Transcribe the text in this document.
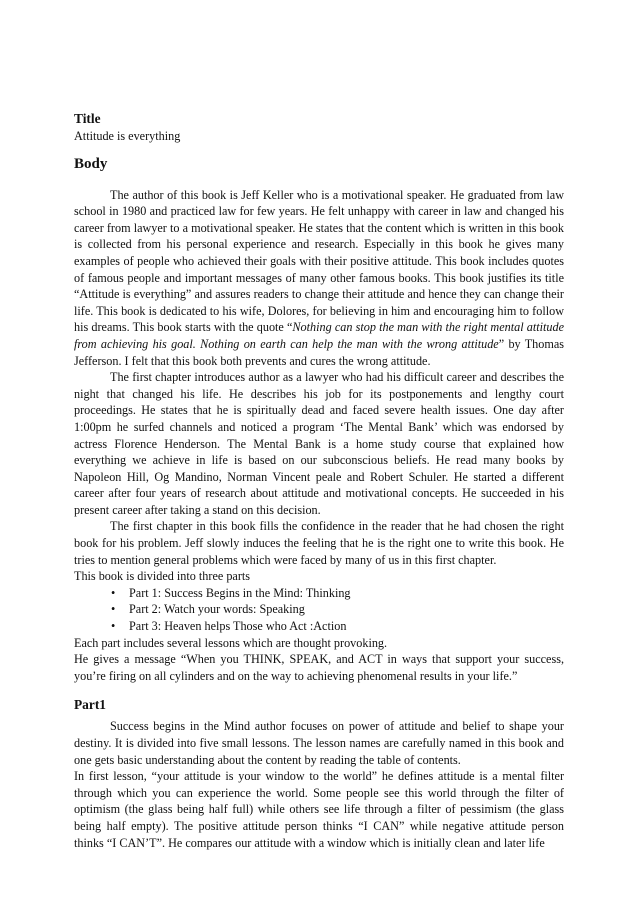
Title

Attitude is everything

Body

The author of this book is Jeff Keller who is a motivational speaker. He graduated from law school in 1980 and practiced law for few years. He felt unhappy with career in law and changed his career from lawyer to a motivational speaker. He states that the content which is written in this book is collected from his personal experience and research. Especially in this book he gives many examples of people who achieved their goals with their positive attitude. This book includes quotes of famous people and important messages of many other famous books. This book justifies its title “Attitude is everything” and assures readers to change their attitude and hence they can change their life. This book is dedicated to his wife, Dolores, for believing in him and encouraging him to follow his dreams. This book starts with the quote “Nothing can stop the man with the right mental attitude from achieving his goal. Nothing on earth can help the man with the wrong attitude” by Thomas Jefferson. I felt that this book both prevents and cures the wrong attitude.

The first chapter introduces author as a lawyer who had his difficult career and describes the night that changed his life. He describes his job for its postponements and lengthy court proceedings. He states that he is spiritually dead and faced severe health issues. One day after 1:00pm he surfed channels and noticed a program ‘The Mental Bank’ which was endorsed by actress Florence Henderson. The Mental Bank is a home study course that explained how everything we achieve in life is based on our subconscious beliefs. He read many books by Napoleon Hill, Og Mandino, Norman Vincent peale and Robert Schuler. He started a different career after four years of research about attitude and motivational concepts. He succeeded in his present career after taking a stand on this decision.

The first chapter in this book fills the confidence in the reader that he had chosen the right book for his problem. Jeff slowly induces the feeling that he is the right one to write this book. He tries to mention general problems which were faced by many of us in this first chapter.

This book is divided into three parts

• Part 1: Success Begins in the Mind: Thinking
• Part 2: Watch your words: Speaking
• Part 3: Heaven helps Those who Act :Action

Each part includes several lessons which are thought provoking.

He gives a message “When you THINK, SPEAK, and ACT in ways that support your success, you’re firing on all cylinders and on the way to achieving phenomenal results in your life.”

Part1

Success begins in the Mind author focuses on power of attitude and belief to shape your destiny. It is divided into five small lessons. The lesson names are carefully named in this book and one gets basic understanding about the content by reading the table of contents.

In first lesson, “your attitude is your window to the world” he defines attitude is a mental filter through which you can experience the world. Some people see this world through the filter of optimism (the glass being half full) while others see life through a filter of pessimism (the glass being half empty). The positive attitude person thinks “I CAN” while negative attitude person thinks “I CAN’T”. He compares our attitude with a window which is initially clean and later life
